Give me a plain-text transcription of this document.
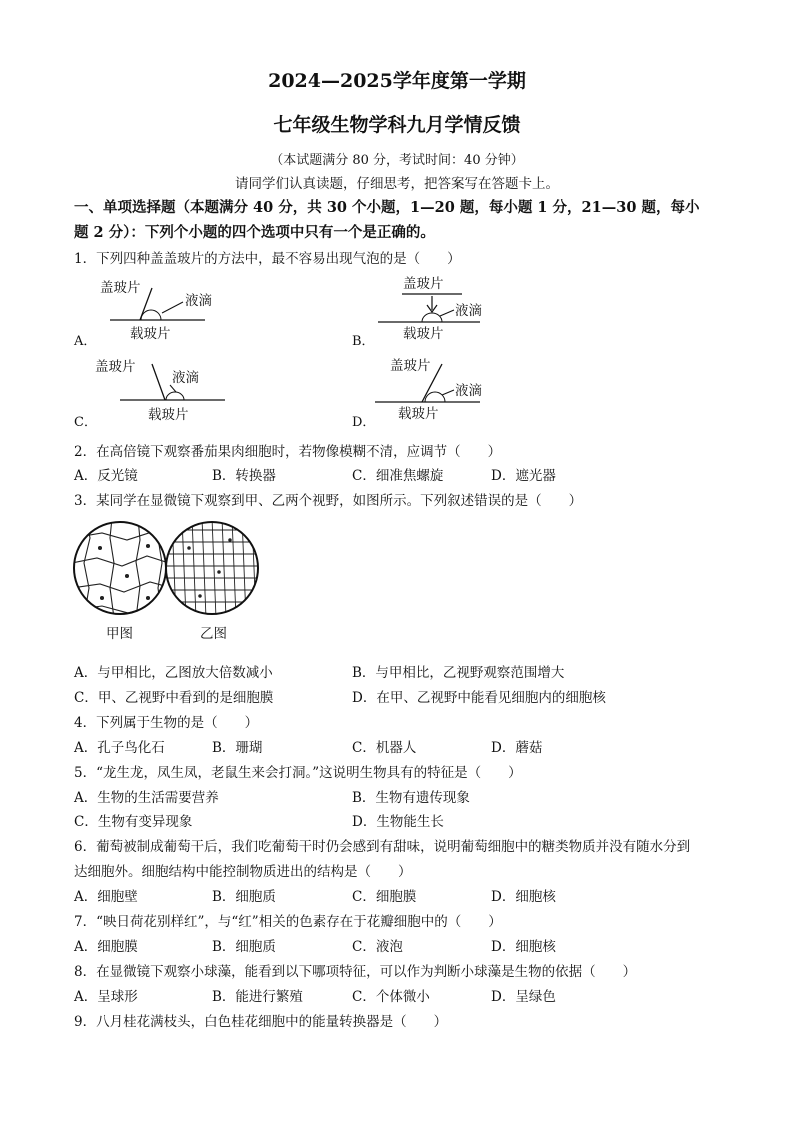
2024—2025学年度第一学期
七年级生物学科九月学情反馈
（本试题满分 80 分，考试时间：40 分钟）
请同学们认真读题，仔细思考，把答案写在答题卡上。
一、单项选择题（本题满分 40 分，共 30 个小题，1—20 题，每小题 1 分，21—30 题，每小
题 2 分）：下列个小题的四个选项中只有一个是正确的。
1．下列四种盖盖玻片的方法中，最不容易出现气泡的是（　　）
A．
盖玻片
液滴
载玻片	B．
盖玻片
液滴
载玻片
C．
盖玻片
液滴
载玻片	D．
盖玻片
液滴
载玻片
2．在高倍镜下观察番茄果肉细胞时，若物像模糊不清，应调节（　　）
A．反光镜	B．转换器	C．细准焦螺旋	D．遮光器
3．某同学在显微镜下观察到甲、乙两个视野，如图所示。下列叙述错误的是（　　）
甲图	乙图
A．与甲相比，乙图放大倍数减小	B．与甲相比，乙视野观察范围增大
C．甲、乙视野中看到的是细胞膜	D．在甲、乙视野中能看见细胞内的细胞核
4．下列属于生物的是（　　）
A．孔子鸟化石	B．珊瑚	C．机器人	D．蘑菇
5．“龙生龙，凤生凤，老鼠生来会打洞。”这说明生物具有的特征是（　　）
A．生物的生活需要营养	B．生物有遗传现象
C．生物有变异现象	D．生物能生长
6．葡萄被制成葡萄干后，我们吃葡萄干时仍会感到有甜味，说明葡萄细胞中的糖类物质并没有随水分到
达细胞外。细胞结构中能控制物质进出的结构是（　　）
A．细胞壁	B．细胞质	C．细胞膜	D．细胞核
7．“映日荷花别样红”，与“红”相关的色素存在于花瓣细胞中的（　　）
A．细胞膜	B．细胞质	C．液泡	D．细胞核
8．在显微镜下观察小球藻，能看到以下哪项特征，可以作为判断小球藻是生物的依据（　　）
A．呈球形	B．能进行繁殖	C．个体微小	D．呈绿色
9．八月桂花满枝头，白色桂花细胞中的能量转换器是（　　）
